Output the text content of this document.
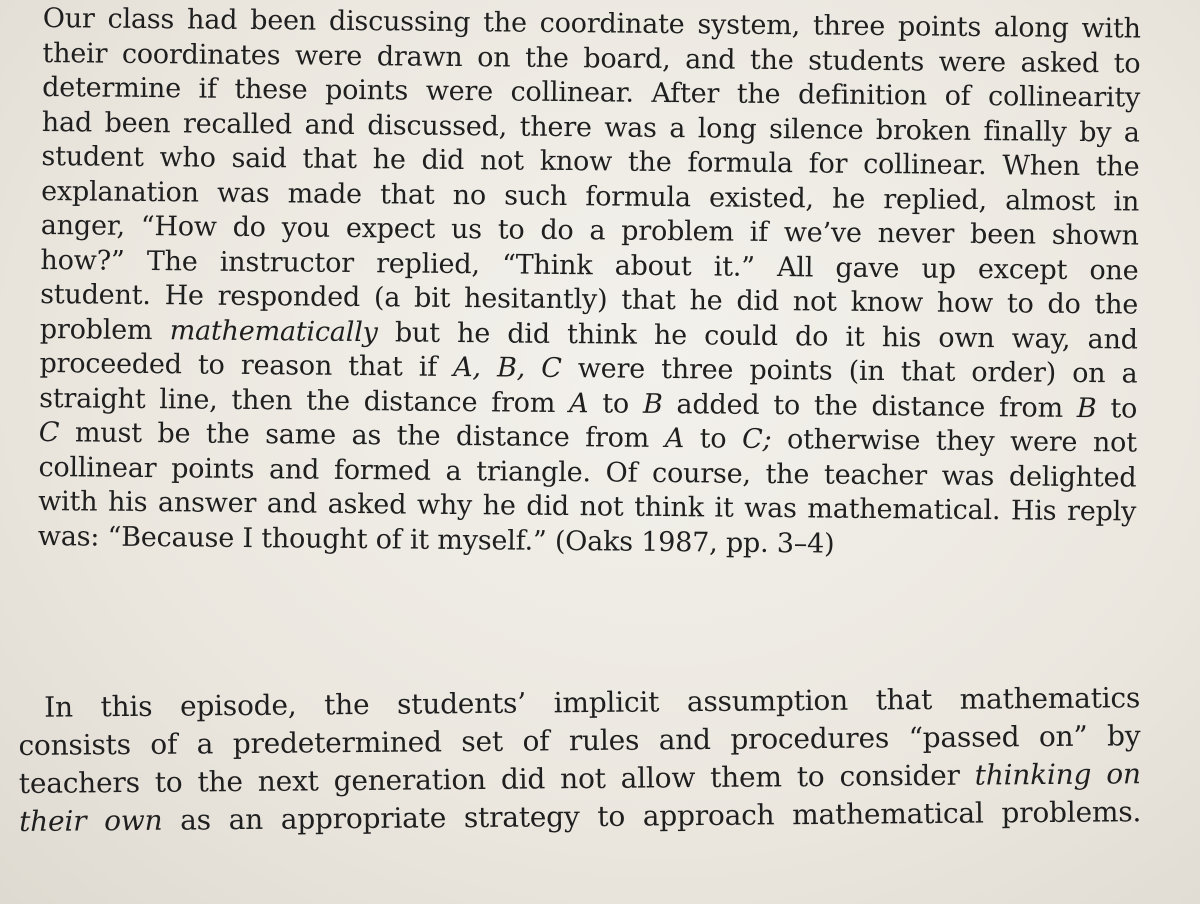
Our class had been discussing the coordinate system, three points along with
their coordinates were drawn on the board, and the students were asked to
determine if these points were collinear. After the definition of collinearity
had been recalled and discussed, there was a long silence broken finally by a
student who said that he did not know the formula for collinear. When the
explanation was made that no such formula existed, he replied, almost in
anger, “How do you expect us to do a problem if we’ve never been shown
how?” The instructor replied, “Think about it.” All gave up except one
student. He responded (a bit hesitantly) that he did not know how to do the
problem mathematically but he did think he could do it his own way, and
proceeded to reason that if A, B, C were three points (in that order) on a
straight line, then the distance from A to B added to the distance from B to
C must be the same as the distance from A to C; otherwise they were not
collinear points and formed a triangle. Of course, the teacher was delighted
with his answer and asked why he did not think it was mathematical. His reply
was: “Because I thought of it myself.” (Oaks 1987, pp. 3–4)
In this episode, the students’ implicit assumption that mathematics
consists of a predetermined set of rules and procedures “passed on” by
teachers to the next generation did not allow them to consider thinking on
their own as an appropriate strategy to approach mathematical problems.
